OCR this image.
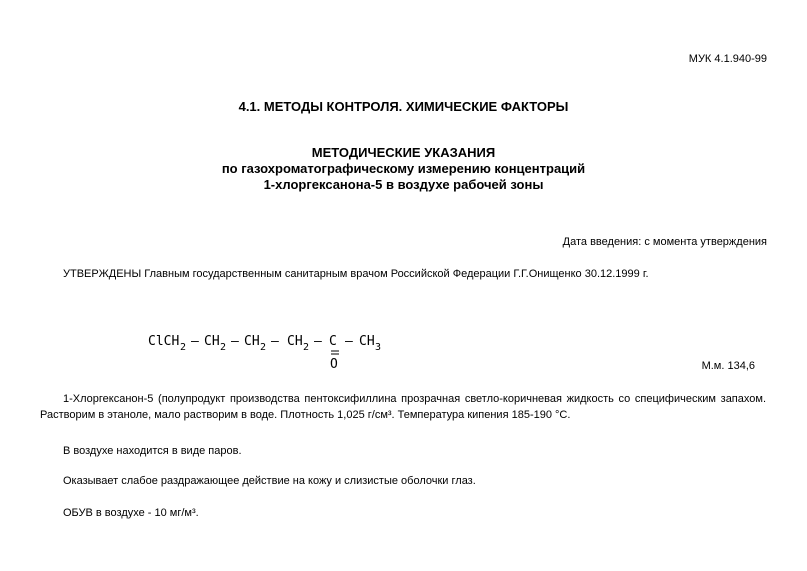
МУК 4.1.940-99
4.1. МЕТОДЫ КОНТРОЛЯ. ХИМИЧЕСКИЕ ФАКТОРЫ
МЕТОДИЧЕСКИЕ УКАЗАНИЯ
по газохроматографическому измерению концентраций
1-хлоргексанона-5 в воздухе рабочей зоны
Дата введения: с момента утверждения
УТВЕРЖДЕНЫ Главным государственным санитарным врачом Российской Федерации Г.Г.Онищенко 30.12.1999 г.
ClCH 2 – CH 2 – CH 2 – CH 2 – C – CH 3
O	М.м. 134,6
1-Хлоргексанон-5 (полупродукт производства пентоксифиллина прозрачная светло-коричневая жидкость со специфическим запахом. Растворим в этаноле, мало растворим в воде. Плотность 1,025 г/см³. Температура кипения 185-190 °С.
В воздухе находится в виде паров.
Оказывает слабое раздражающее действие на кожу и слизистые оболочки глаз.
ОБУВ в воздухе - 10 мг/м³.
